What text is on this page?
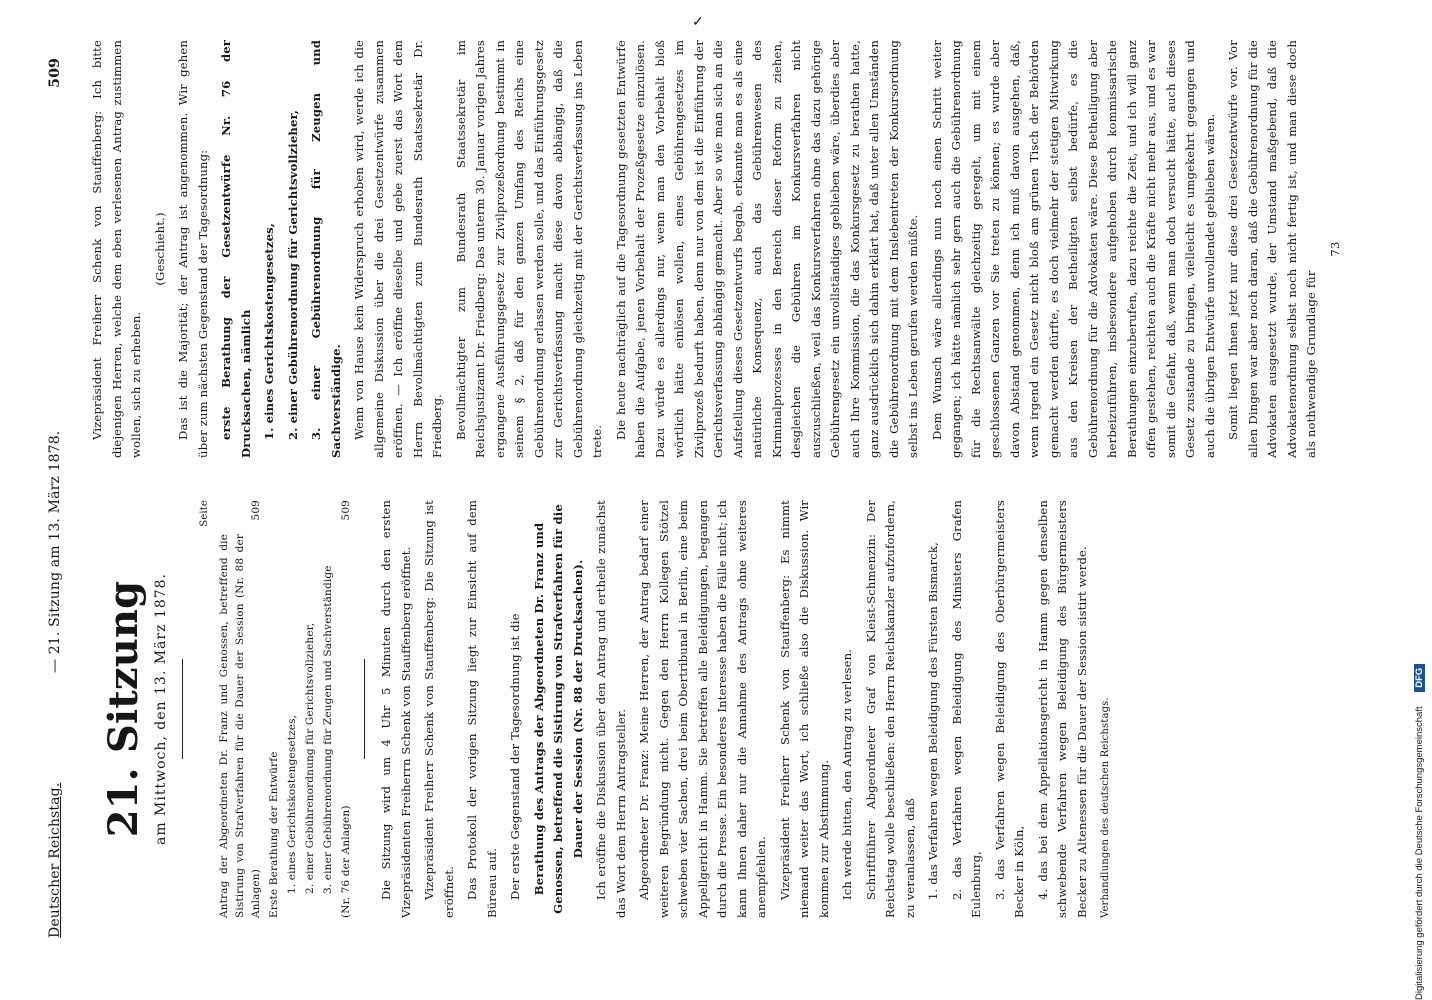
Deutscher Reichstag.
— 21. Sitzung am 13. März 1878.
509
21. Sitzung am Mittwoch, den 13. März 1878.
Seite
Antrag der Abgeordneten Dr. Franz und Genossen, betreffend die Sistirung von Strafverfahren für die Dauer der Session (Nr. 88 der Anlagen)
509
Erste Berathung der Entwürfe 1. eines Gerichtskostengesetzes, 2. einer Gebührenordnung für Gerichtsvollzieher, 3. einer Gebührenordnung für Zeugen und Sachverständige (Nr. 76 der Anlagen)
509 Die Sitzung wird um 4 Uhr 5 Minuten durch den ersten Vizepräsidenten Freiherrn Schenk von Stauffenberg eröffnet. Vizepräsident Freiherr Schenk von Stauffenberg: Die Sitzung ist eröffnet. Das Protokoll der vorigen Sitzung liegt zur Einsicht auf dem Büreau auf. Der erste Gegenstand der Tagesordnung ist die Berathung des Antrags der Abgeordneten Dr. Franz und Genossen, betreffend die Sistirung von Strafverfahren für die Dauer der Session (Nr. 88 der Drucksachen). Ich eröffne die Diskussion über den Antrag und ertheile zunächst das Wort dem Herrn Antragsteller. Abgeordneter Dr. Franz: Meine Herren, der Antrag bedarf einer weiteren Begründung nicht. Gegen den Herrn Kollegen Stötzel schweben vier Sachen, drei beim Obertribunal in Berlin, eine beim Appellgericht in Hamm. Sie betreffen alle Beleidigungen, begangen durch die Presse. Ein besonderes Interesse haben die Fälle nicht; ich kann Ihnen daher nur die Annahme des Antrags ohne weiteres anempfehlen. Vizepräsident Freiherr Schenk von Stauffenberg: Es nimmt niemand weiter das Wort, ich schließe also die Diskussion. Wir kommen zur Abstimmung. Ich werde bitten, den Antrag zu verlesen. Schriftführer Abgeordneter Graf von Kleist-Schmenzin: Der Reichstag wolle beschließen: den Herrn Reichskanzler aufzufordern, zu veranlassen, daß 1. das Verfahren wegen Beleidigung des Fürsten Bismarck, 2. das Verfahren wegen Beleidigung des Ministers Grafen Eulenburg, 3. das Verfahren wegen Beleidigung des Oberbürgermeisters Becker in Köln, 4. das bei dem Appellationsgericht in Hamm gegen denselben schwebende Verfahren wegen Beleidigung des Bürgermeisters Becker zu Altenessen für die Dauer der Session sistirt werde.	Verhandlungen des deutschen Reichstags.

Vizepräsident Freiherr Schenk von Stauffenberg: Ich bitte diejenigen Herren, welche dem eben verlesenen Antrag zustimmen wollen, sich zu erheben.

(Geschieht.) Das ist die Majorität; der Antrag ist angenommen. Wir gehen über zum nächsten Gegenstand der Tagesordnung: erste Berathung der Gesetzentwürfe Nr. 76 der Drucksachen, nämlich 1. eines Gerichtskostengesetzes, 2. einer Gebührenordnung für Gerichtsvollzieher, 3. einer Gebührenordnung für Zeugen und Sachverständige. Wenn von Hause kein Widerspruch erhoben wird, werde ich die allgemeine Diskussion über die drei Gesetzentwürfe zusammen eröffnen. — Ich eröffne dieselbe und gebe zuerst das Wort dem Herrn Bevollmächtigten zum Bundesrath Staatssekretär Dr. Friedberg. Bevollmächtigter zum Bundesrath Staatssekretär im Reichsjustizamt Dr. Friedberg: Das unterm 30. Januar vorigen Jahres ergangene Ausführungsgesetz zur Zivilprozeßordnung bestimmt in seinem § 2, daß für den ganzen Umfang des Reichs eine Gebührenordnung erlassen werden solle, und das Einführungsgesetz zur Gerichtsverfassung macht diese davon abhängig, daß die Gebührenordnung gleichzeitig mit der Gerichtsverfassung ins Leben trete.

Die heute nachträglich auf die Tagesordnung gesetzten Entwürfe haben die Aufgabe, jenen Vorbehalt der Prozeßgesetze einzulösen. Dazu würde es allerdings nur, wenn man den Vorbehalt bloß wörtlich hätte einlösen wollen, eines Gebührengesetzes im Zivilprozeß bedurft haben, denn nur von dem ist die Einführung der Gerichtsverfassung abhängig gemacht. Aber so wie man sich an die Aufstellung dieses Gesetzentwurfs begab, erkannte man es als eine natürliche Konsequenz, auch das Gebührenwesen des Kriminalprozesses in den Bereich dieser Reform zu ziehen, desgleichen die Gebühren im Konkursverfahren nicht auszuschließen, weil das Konkursverfahren ohne das dazu gehörige Gebührengesetz ein unvollständiges geblieben wäre, überdies aber auch Ihre Kommission, die das Konkursgesetz zu berathen hatte, ganz ausdrücklich sich dahin erklärt hat, daß unter allen Umständen die Gebührenordnung mit dem Inslebentreten der Konkursordnung selbst ins Leben gerufen werden müßte. Dem Wunsch wäre allerdings nun noch einen Schritt weiter gegangen; ich hätte nämlich sehr gern auch die Gebührenordnung für die Rechtsanwälte gleichzeitig geregelt, um mit einem geschlossenen Ganzen vor Sie treten zu können; es wurde aber davon Abstand genommen, denn ich muß davon ausgehen, daß, wenn irgend ein Gesetz nicht bloß am grünen Tisch der Behörden gemacht werden dürfte, es doch vielmehr der stetigen Mitwirkung aus den Kreisen der Betheiligten selbst bedürfe, es die Gebührenordnung für die Advokaten wäre. Diese Betheiligung aber herbeizuführen, insbesondere aufgehoben durch kommissarische Berathungen einzuberufen, dazu reichte die Zeit, und ich will ganz offen gestehen, reichten auch die Kräfte nicht mehr aus, und es war somit die Gefahr, daß, wenn man doch versucht hätte, auch dieses Gesetz zustande zu bringen, vielleicht es umgekehrt gegangen und auch die übrigen Entwürfe unvollendet geblieben wären. Somit liegen Ihnen jetzt nur diese drei Gesetzentwürfe vor. Vor allen Dingen war aber noch daran, daß die Gebührenordnung für die Advokaten ausgesetzt wurde, der Umstand maßgebend, daß die Advokatenordnung selbst noch nicht fertig ist, und man diese doch als nothwendige Grundlage für

73
✓
Digitalisierung gefördert durch die Deutsche Forschungsgemeinschaft DFG
